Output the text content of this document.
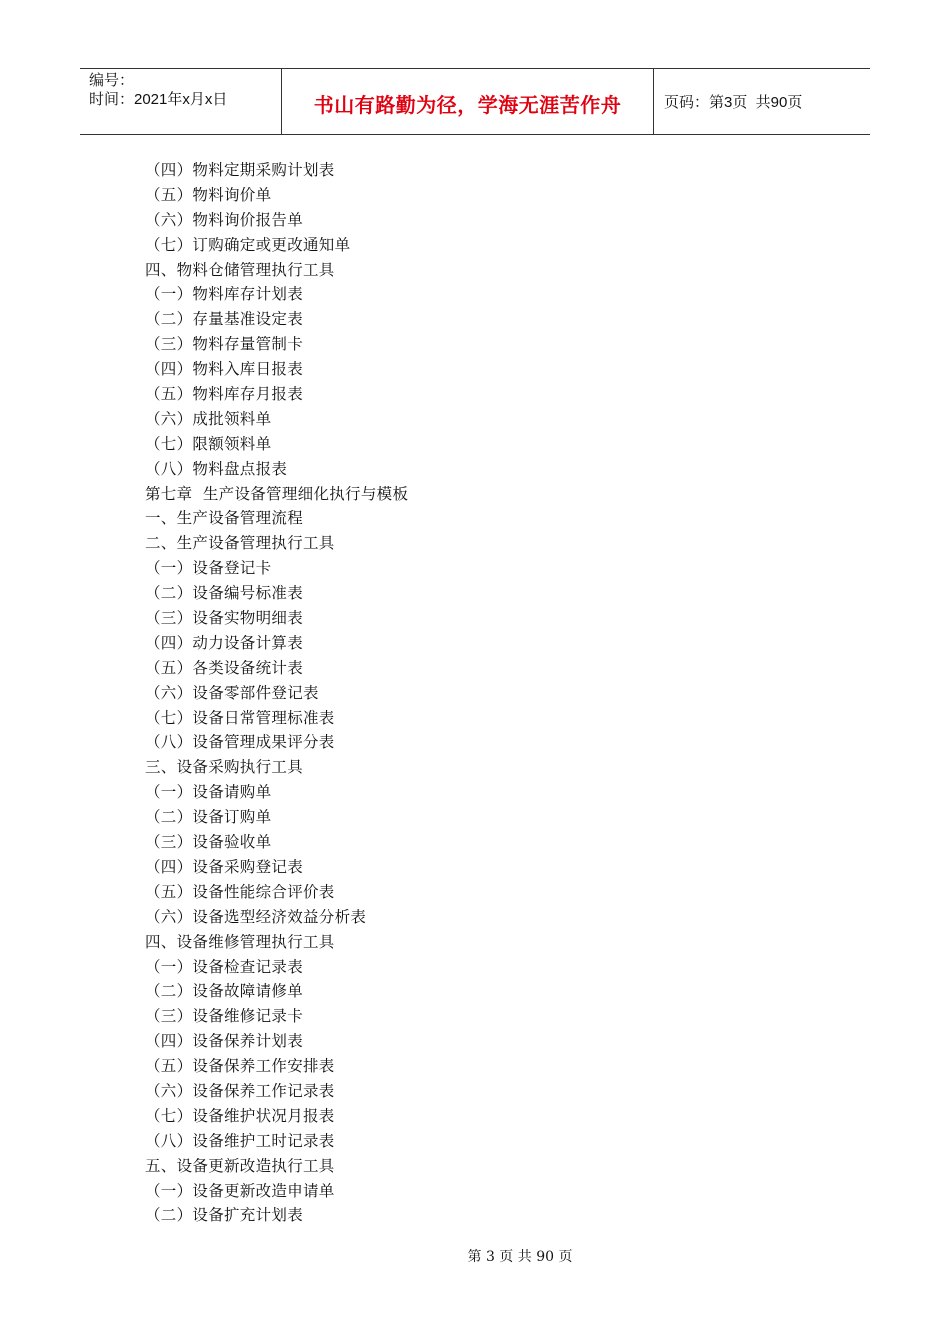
编号：
时间：2021年x月x日	书山有路勤为径，学海无涯苦作舟	页码：第3页  共90页
（四）物料定期采购计划表
（五）物料询价单
（六）物料询价报告单
（七）订购确定或更改通知单
四、物料仓储管理执行工具
（一）物料库存计划表
（二）存量基准设定表
（三）物料存量管制卡
（四）物料入库日报表
（五）物料库存月报表
（六）成批领料单
（七）限额领料单
（八）物料盘点报表
第七章  生产设备管理细化执行与模板
一、生产设备管理流程
二、生产设备管理执行工具
（一）设备登记卡
（二）设备编号标准表
（三）设备实物明细表
（四）动力设备计算表
（五）各类设备统计表
（六）设备零部件登记表
（七）设备日常管理标准表
（八）设备管理成果评分表
三、设备采购执行工具
（一）设备请购单
（二）设备订购单
（三）设备验收单
（四）设备采购登记表
（五）设备性能综合评价表
（六）设备选型经济效益分析表
四、设备维修管理执行工具
（一）设备检查记录表
（二）设备故障请修单
（三）设备维修记录卡
（四）设备保养计划表
（五）设备保养工作安排表
（六）设备保养工作记录表
（七）设备维护状况月报表
（八）设备维护工时记录表
五、设备更新改造执行工具
（一）设备更新改造申请单
（二）设备扩充计划表
第 3 页 共 90 页
